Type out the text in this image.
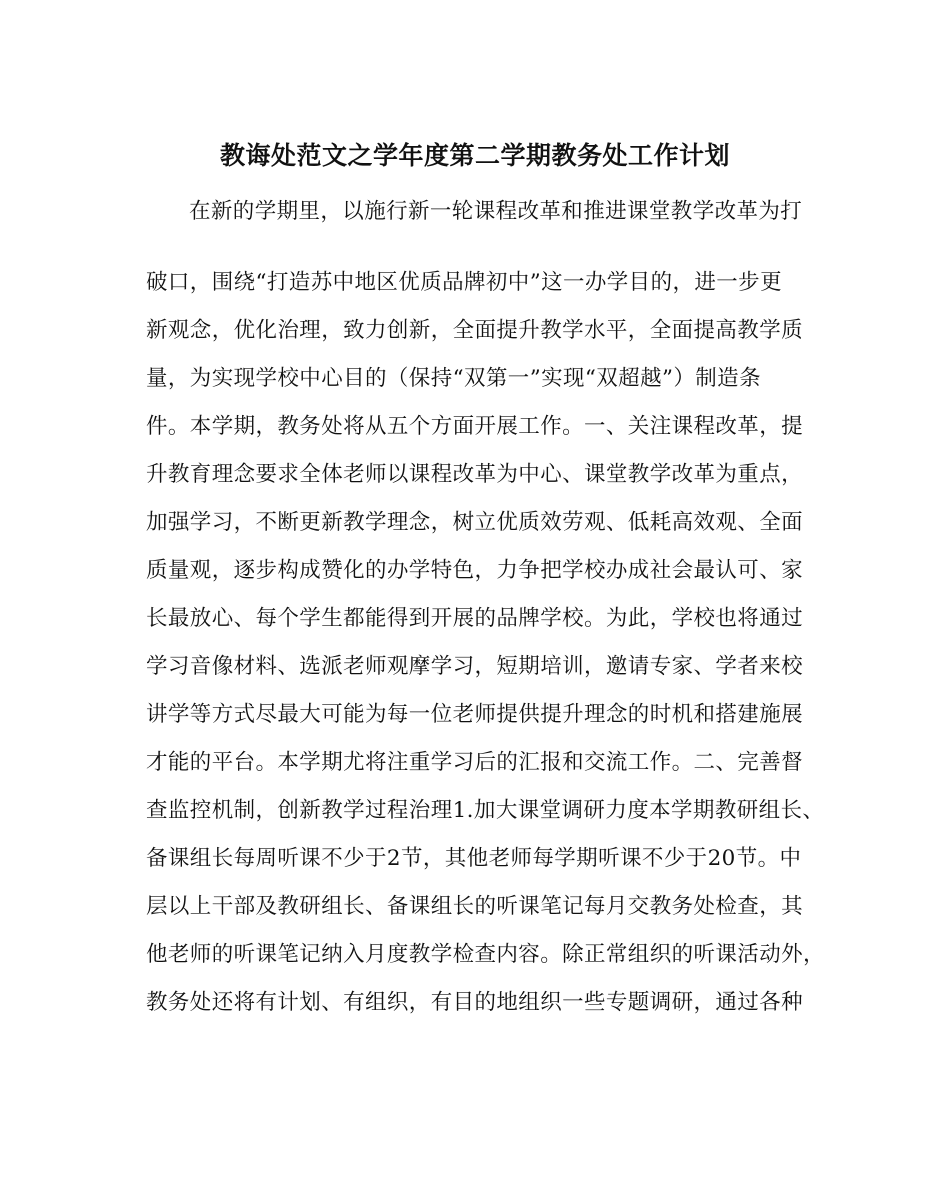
教诲处范文之学年度第二学期教务处工作计划
在新的学期里，以施行新一轮课程改革和推进课堂教学改革为打
破口，围绕“打造苏中地区优质品牌初中”这一办学目的，进一步更
新观念，优化治理，致力创新，全面提升教学水平，全面提高教学质
量，为实现学校中心目的（保持“双第一”实现“双超越”）制造条
件。本学期，教务处将从五个方面开展工作。一、关注课程改革，提
升教育理念要求全体老师以课程改革为中心、课堂教学改革为重点，
加强学习，不断更新教学理念，树立优质效劳观、低耗高效观、全面
质量观，逐步构成赞化的办学特色，力争把学校办成社会最认可、家
长最放心、每个学生都能得到开展的品牌学校。为此，学校也将通过
学习音像材料、选派老师观摩学习，短期培训，邀请专家、学者来校
讲学等方式尽最大可能为每一位老师提供提升理念的时机和搭建施展
才能的平台。本学期尤将注重学习后的汇报和交流工作。二、完善督
查监控机制，创新教学过程治理1.加大课堂调研力度本学期教研组长、
备课组长每周听课不少于2节，其他老师每学期听课不少于20节。中
层以上干部及教研组长、备课组长的听课笔记每月交教务处检查，其
他老师的听课笔记纳入月度教学检查内容。除正常组织的听课活动外，
教务处还将有计划、有组织，有目的地组织一些专题调研，通过各种
